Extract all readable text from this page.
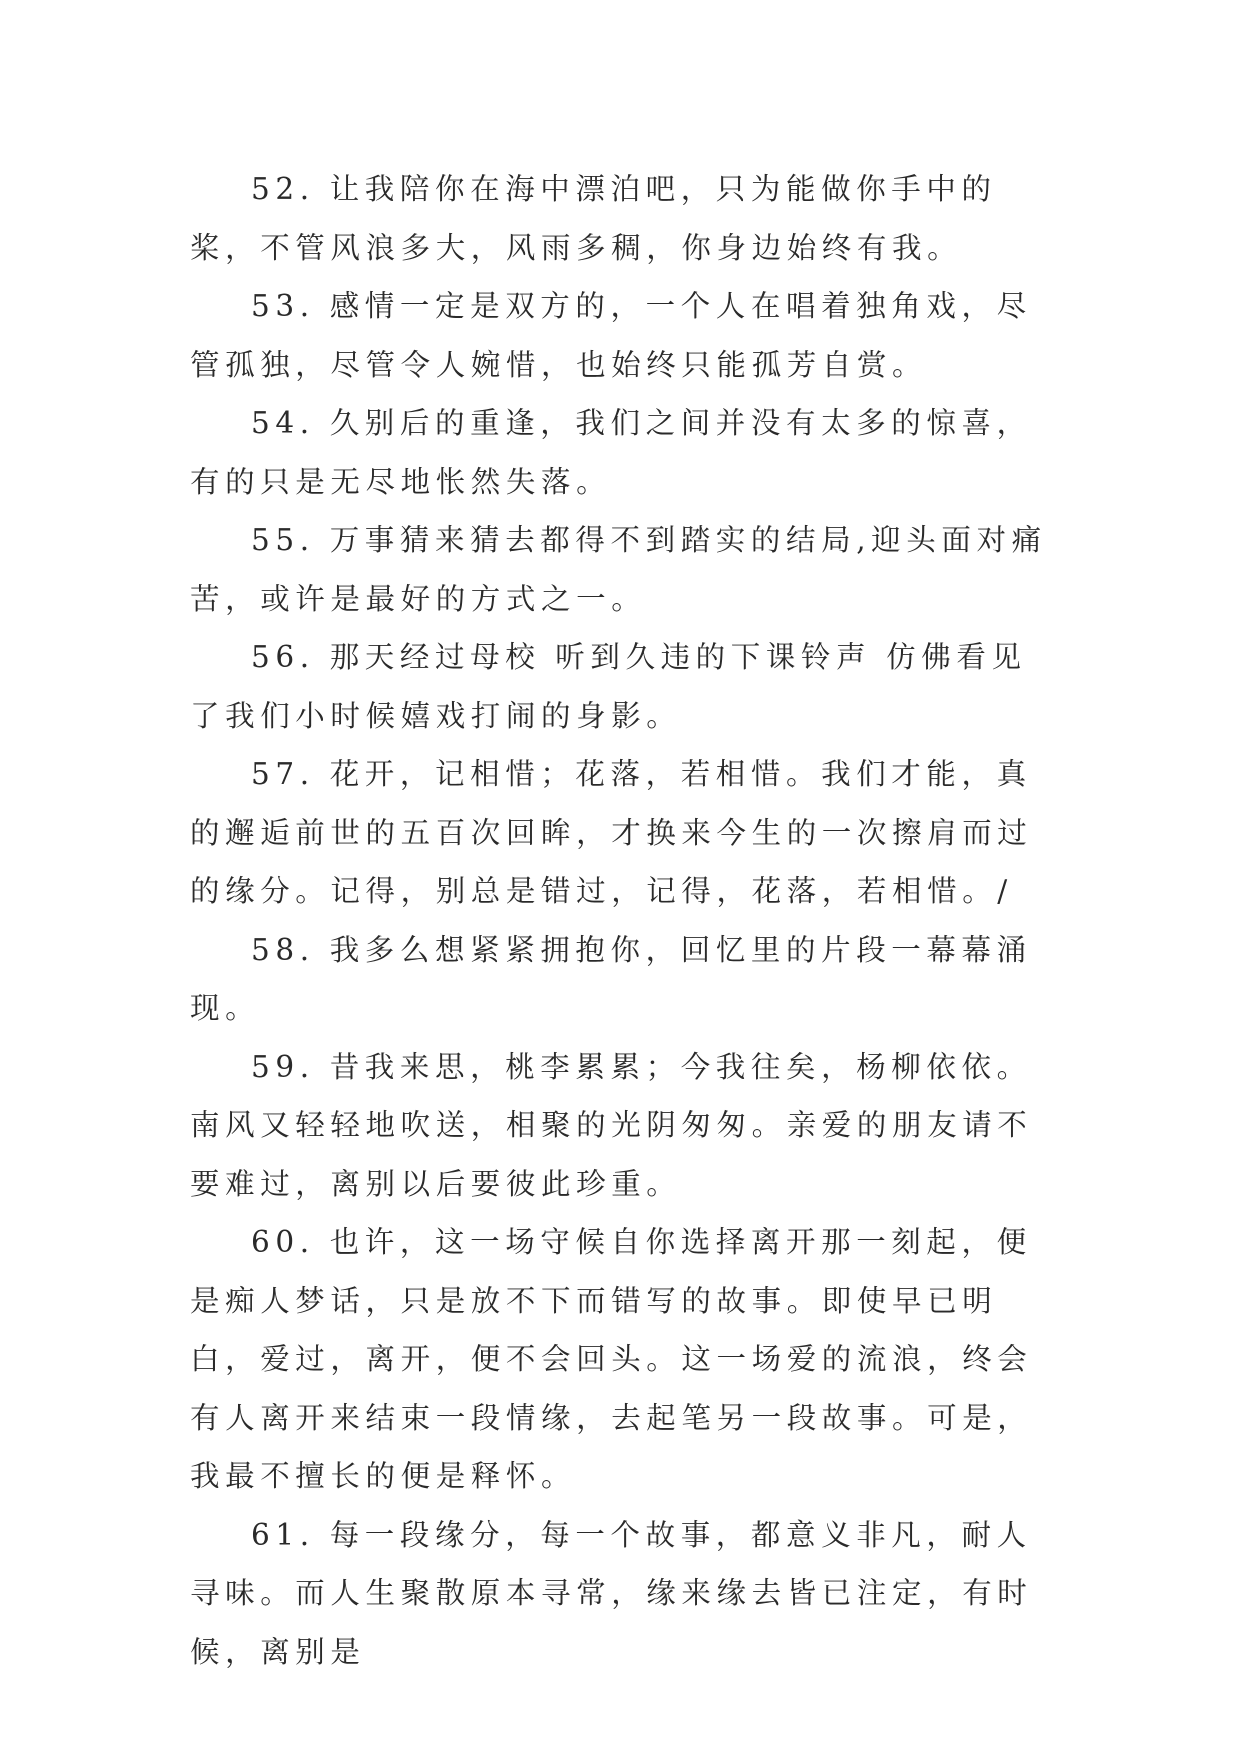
52. 让我陪你在海中漂泊吧，只为能做你手中的桨，不管风浪多大，风雨多稠，你身边始终有我。

53. 感情一定是双方的，一个人在唱着独角戏，尽管孤独，尽管令人婉惜，也始终只能孤芳自赏。

54. 久别后的重逢，我们之间并没有太多的惊喜，有的只是无尽地怅然失落。

55. 万事猜来猜去都得不到踏实的结局,迎头面对痛苦，或许是最好的方式之一。

56. 那天经过母校 听到久违的下课铃声 仿佛看见了我们小时候嬉戏打闹的身影。

57. 花开，记相惜；花落，若相惜。我们才能，真的邂逅前世的五百次回眸，才换来今生的一次擦肩而过的缘分。记得，别总是错过，记得，花落，若相惜。/

58. 我多么想紧紧拥抱你，回忆里的片段一幕幕涌现。

59. 昔我来思，桃李累累；今我往矣，杨柳依依。南风又轻轻地吹送，相聚的光阴匆匆。亲爱的朋友请不要难过，离别以后要彼此珍重。

60. 也许，这一场守候自你选择离开那一刻起，便是痴人梦话，只是放不下而错写的故事。即使早已明白，爱过，离开，便不会回头。这一场爱的流浪，终会有人离开来结束一段情缘，去起笔另一段故事。可是，我最不擅长的便是释怀。

61. 每一段缘分，每一个故事，都意义非凡，耐人寻味。而人生聚散原本寻常，缘来缘去皆已注定，有时候，离别是
